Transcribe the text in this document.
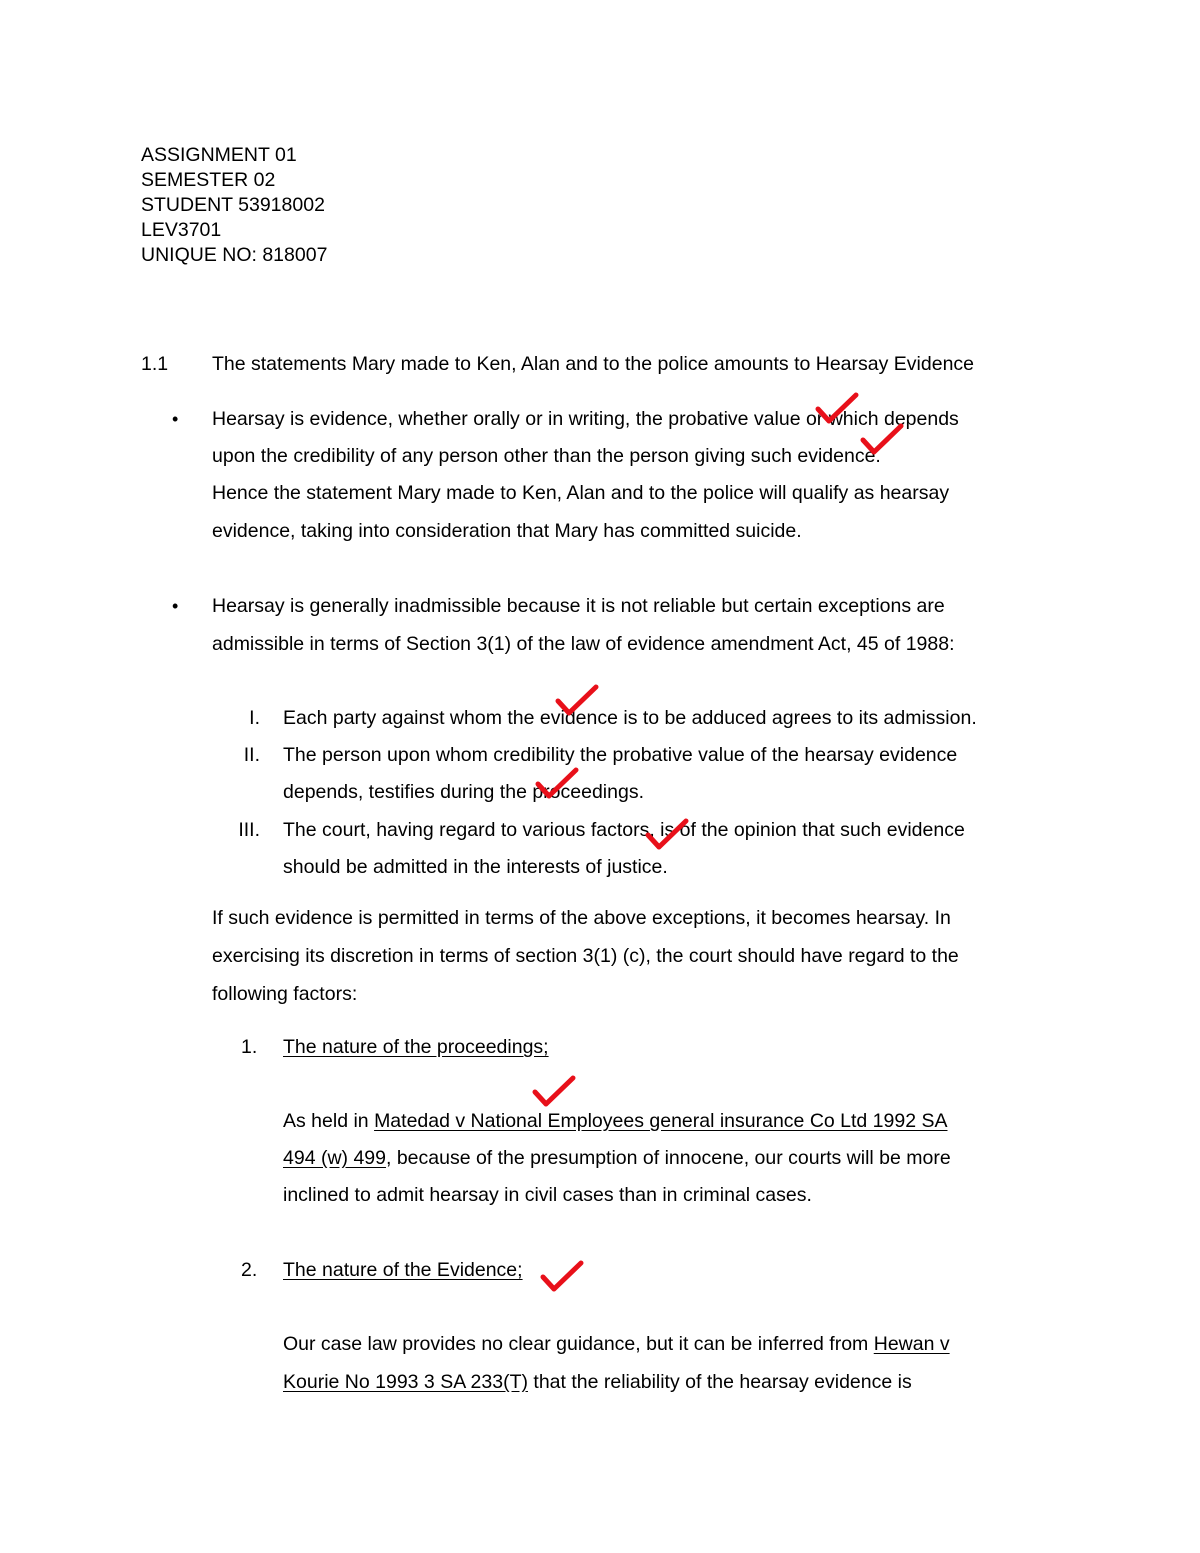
ASSIGNMENT 01
SEMESTER 02
STUDENT 53918002
LEV3701
UNIQUE NO: 818007
1.1 The statements Mary made to Ken, Alan and to the police amounts to Hearsay Evidence
• Hearsay is evidence, whether orally or in writing, the probative value or which depends
upon the credibility of any person other than the person giving such evidence.
Hence the statement Mary made to Ken, Alan and to the police will qualify as hearsay
evidence, taking into consideration that Mary has committed suicide.
• Hearsay is generally inadmissible because it is not reliable but certain exceptions are
admissible in terms of Section 3(1) of the law of evidence amendment Act, 45 of 1988:
I. Each party against whom the evidence is to be adduced agrees to its admission.
II. The person upon whom credibility the probative value of the hearsay evidence
depends, testifies during the proceedings.
III. The court, having regard to various factors, is of the opinion that such evidence
should be admitted in the interests of justice.
If such evidence is permitted in terms of the above exceptions, it becomes hearsay. In
exercising its discretion in terms of section 3(1) (c), the court should have regard to the
following factors:
1. The nature of the proceedings;
As held in Matedad v National Employees general insurance Co Ltd 1992 SA
494 (w) 499, because of the presumption of innocene, our courts will be more
inclined to admit hearsay in civil cases than in criminal cases.
2. The nature of the Evidence;
Our case law provides no clear guidance, but it can be inferred from Hewan v
Kourie No 1993 3 SA 233(T) that the reliability of the hearsay evidence is
